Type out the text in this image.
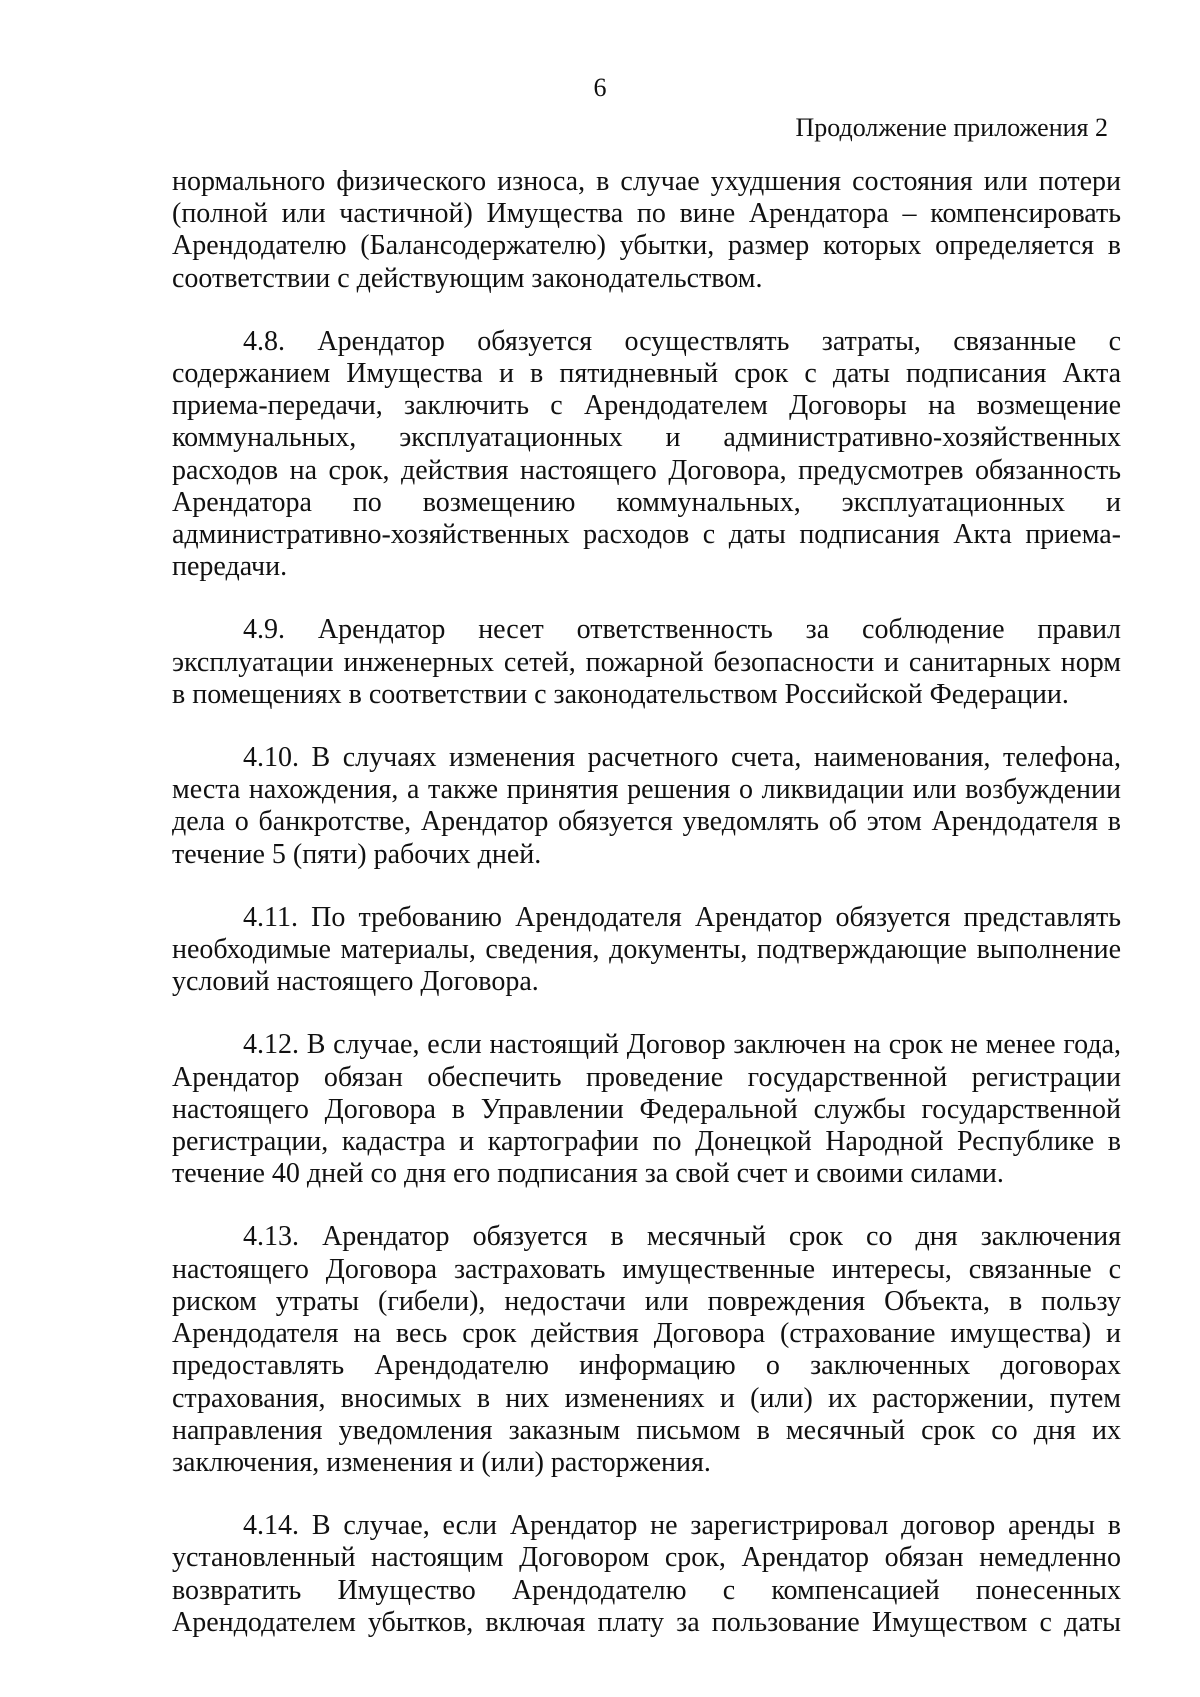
6
Продолжение приложения 2

нормального физического износа, в случае ухудшения состояния или потери (полной или частичной) Имущества по вине Арендатора – компенсировать Арендодателю (Балансодержателю) убытки, размер которых определяется в соответствии с действующим законодательством.

4.8. Арендатор обязуется осуществлять затраты, связанные с содержанием Имущества и в пятидневный срок с даты подписания Акта приема-передачи, заключить с Арендодателем Договоры на возмещение коммунальных, эксплуатационных и административно-хозяйственных расходов на срок, действия настоящего Договора, предусмотрев обязанность Арендатора по возмещению коммунальных, эксплуатационных и административно-хозяйственных расходов с даты подписания Акта приема-передачи.

4.9. Арендатор несет ответственность за соблюдение правил эксплуатации инженерных сетей, пожарной безопасности и санитарных норм в помещениях в соответствии с законодательством Российской Федерации.

4.10. В случаях изменения расчетного счета, наименования, телефона, места нахождения, а также принятия решения о ликвидации или возбуждении дела о банкротстве, Арендатор обязуется уведомлять об этом Арендодателя в течение 5 (пяти) рабочих дней.

4.11. По требованию Арендодателя Арендатор обязуется представлять необходимые материалы, сведения, документы, подтверждающие выполнение условий настоящего Договора.

4.12. В случае, если настоящий Договор заключен на срок не менее года, Арендатор обязан обеспечить проведение государственной регистрации настоящего Договора в Управлении Федеральной службы государственной регистрации, кадастра и картографии по Донецкой Народной Республике в течение 40 дней со дня его подписания за свой счет и своими силами.

4.13. Арендатор обязуется в месячный срок со дня заключения настоящего Договора застраховать имущественные интересы, связанные с риском утраты (гибели), недостачи или повреждения Объекта, в пользу Арендодателя на весь срок действия Договора (страхование имущества) и предоставлять Арендодателю информацию о заключенных договорах страхования, вносимых в них изменениях и (или) их расторжении, путем направления уведомления заказным письмом в месячный срок со дня их заключения, изменения и (или) расторжения.

4.14. В случае, если Арендатор не зарегистрировал договор аренды в установленный настоящим Договором срок, Арендатор обязан немедленно возвратить Имущество Арендодателю с компенсацией понесенных Арендодателем убытков, включая плату за пользование Имуществом с даты
